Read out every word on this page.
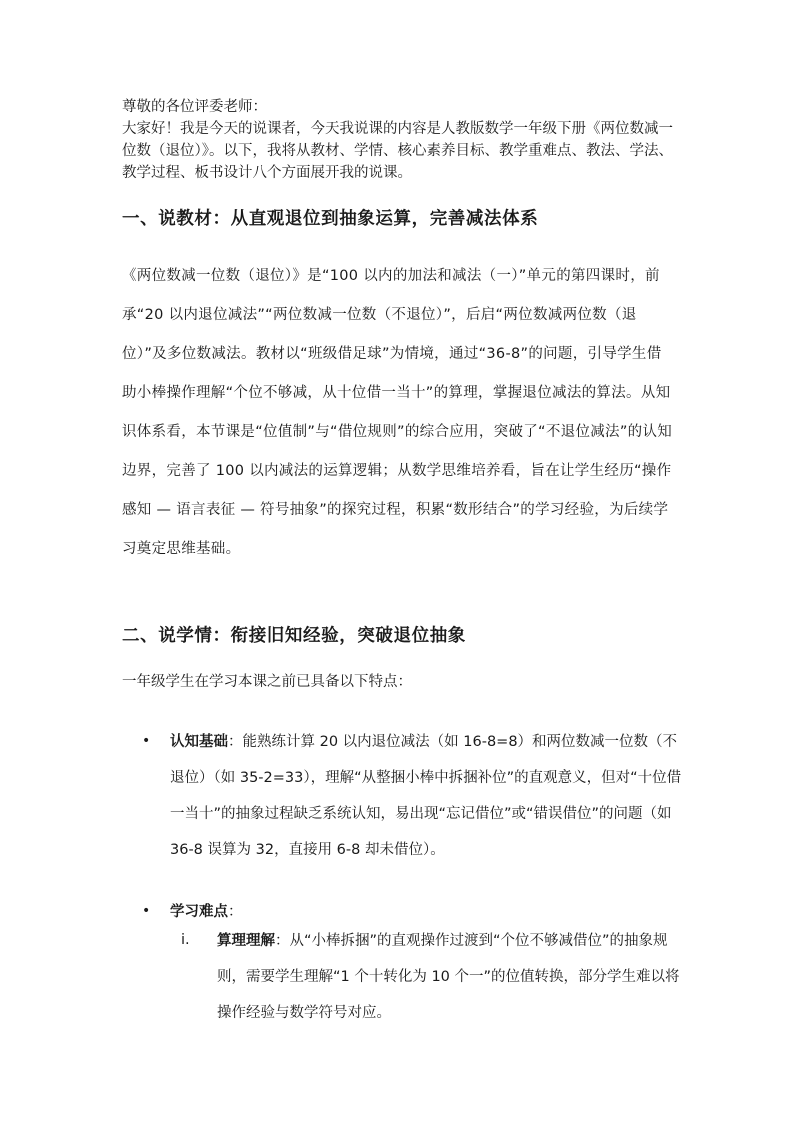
尊敬的各位评委老师：

大家好！我是今天的说课者，今天我说课的内容是人教版数学一年级下册《两位数减一位数（退位）》。以下，我将从教材、学情、核心素养目标、教学重难点、教法、学法、教学过程、板书设计八个方面展开我的说课。

一、说教材：从直观退位到抽象运算，完善减法体系

《两位数减一位数（退位）》是“100 以内的加法和减法（一）”单元的第四课时，前承“20 以内退位减法”“两位数减一位数（不退位）”，后启“两位数减两位数（退位）”及多位数减法。教材以“班级借足球”为情境，通过“36-8”的问题，引导学生借助小棒操作理解“个位不够减，从十位借一当十”的算理，掌握退位减法的算法。从知识体系看，本节课是“位值制”与“借位规则”的综合应用，突破了“不退位减法”的认知边界，完善了 100 以内减法的运算逻辑；从数学思维培养看，旨在让学生经历“操作感知 — 语言表征 — 符号抽象”的探究过程，积累“数形结合”的学习经验，为后续学习奠定思维基础。

二、说学情：衔接旧知经验，突破退位抽象

一年级学生在学习本课之前已具备以下特点：

• 认知基础：能熟练计算 20 以内退位减法（如 16-8=8）和两位数减一位数（不退位）（如 35-2=33），理解“从整捆小棒中拆捆补位”的直观意义，但对“十位借一当十”的抽象过程缺乏系统认知，易出现“忘记借位”或“错误借位”的问题（如 36-8 误算为 32，直接用 6-8 却未借位）。

• 学习难点：

i. 算理理解：从“小棒拆捆”的直观操作过渡到“个位不够减借位”的抽象规则，需要学生理解“1 个十转化为 10 个一”的位值转换，部分学生难以将操作经验与数学符号对应。
